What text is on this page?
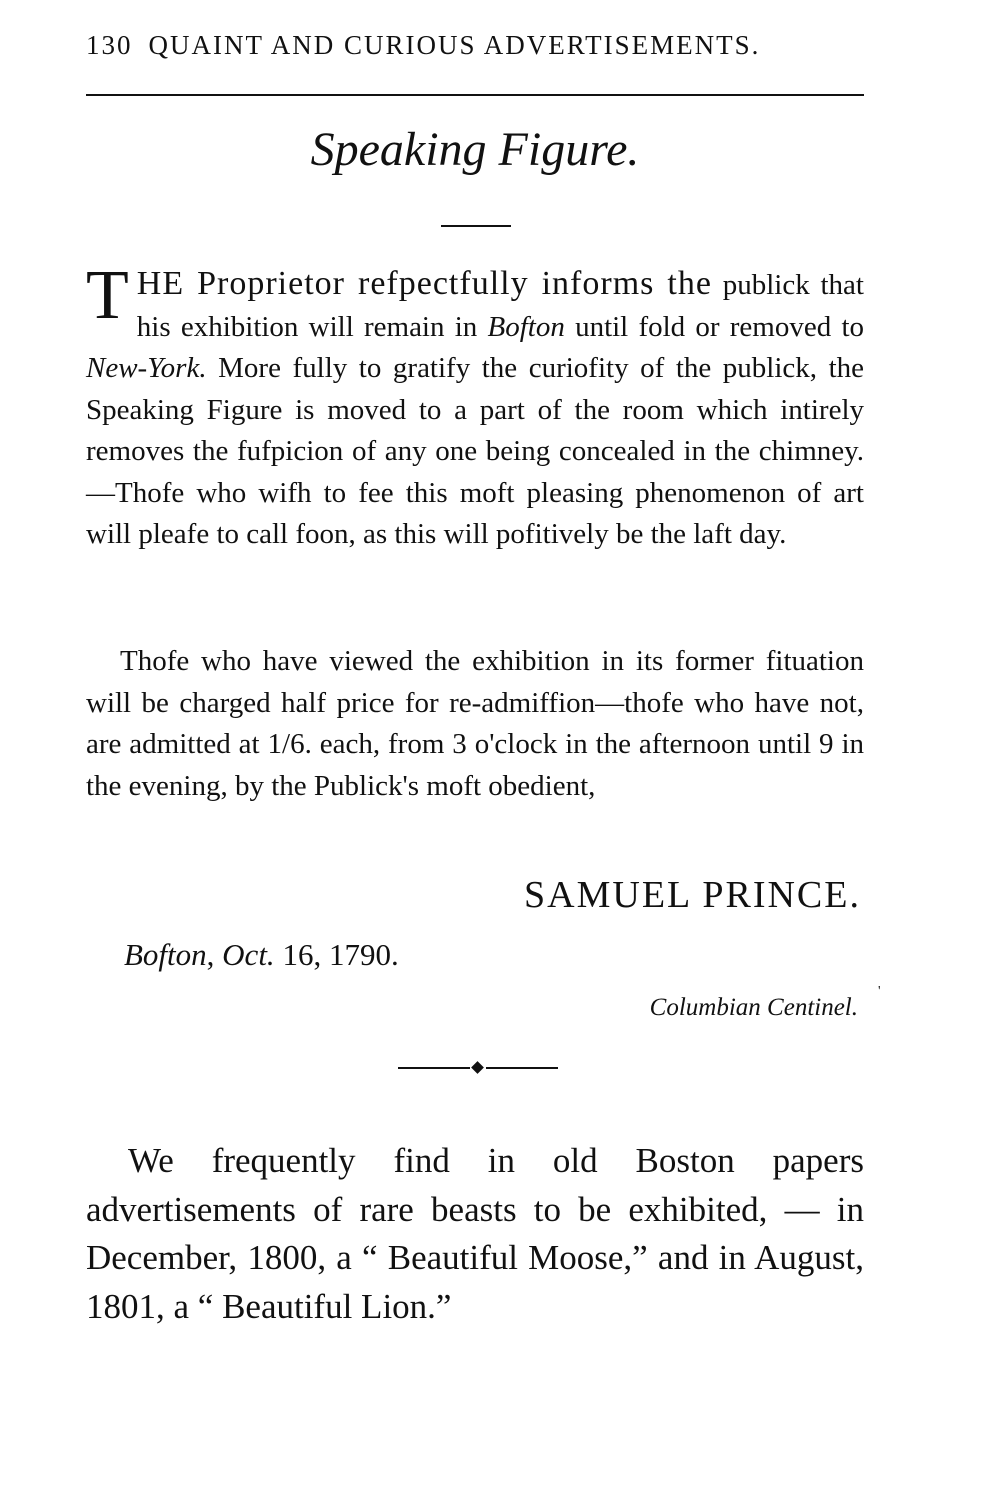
130 QUAINT AND CURIOUS ADVERTISEMENTS.
Speaking Figure.
THE Proprietor refpectfully informs the publick that his exhibition will remain in Bofton until fold or removed to New-York. More fully to gratify the curiofity of the publick, the Speaking Figure is moved to a part of the room which intirely removes the fufpicion of any one being concealed in the chimney.—Thofe who wifh to fee this moft pleasing phenomenon of art will pleafe to call foon, as this will pofitively be the laft day.
Thofe who have viewed the exhibition in its former fituation will be charged half price for re-admiffion—thofe who have not, are admitted at 1/6. each, from 3 o'clock in the afternoon until 9 in the evening, by the Publick's moft obedient,
SAMUEL PRINCE.
Bofton, Oct. 16, 1790.
Columbian Centinel.
'
We frequently find in old Boston papers advertisements of rare beasts to be exhibited, — in December, 1800, a “ Beautiful Moose,” and in August, 1801, a “ Beautiful Lion.”
